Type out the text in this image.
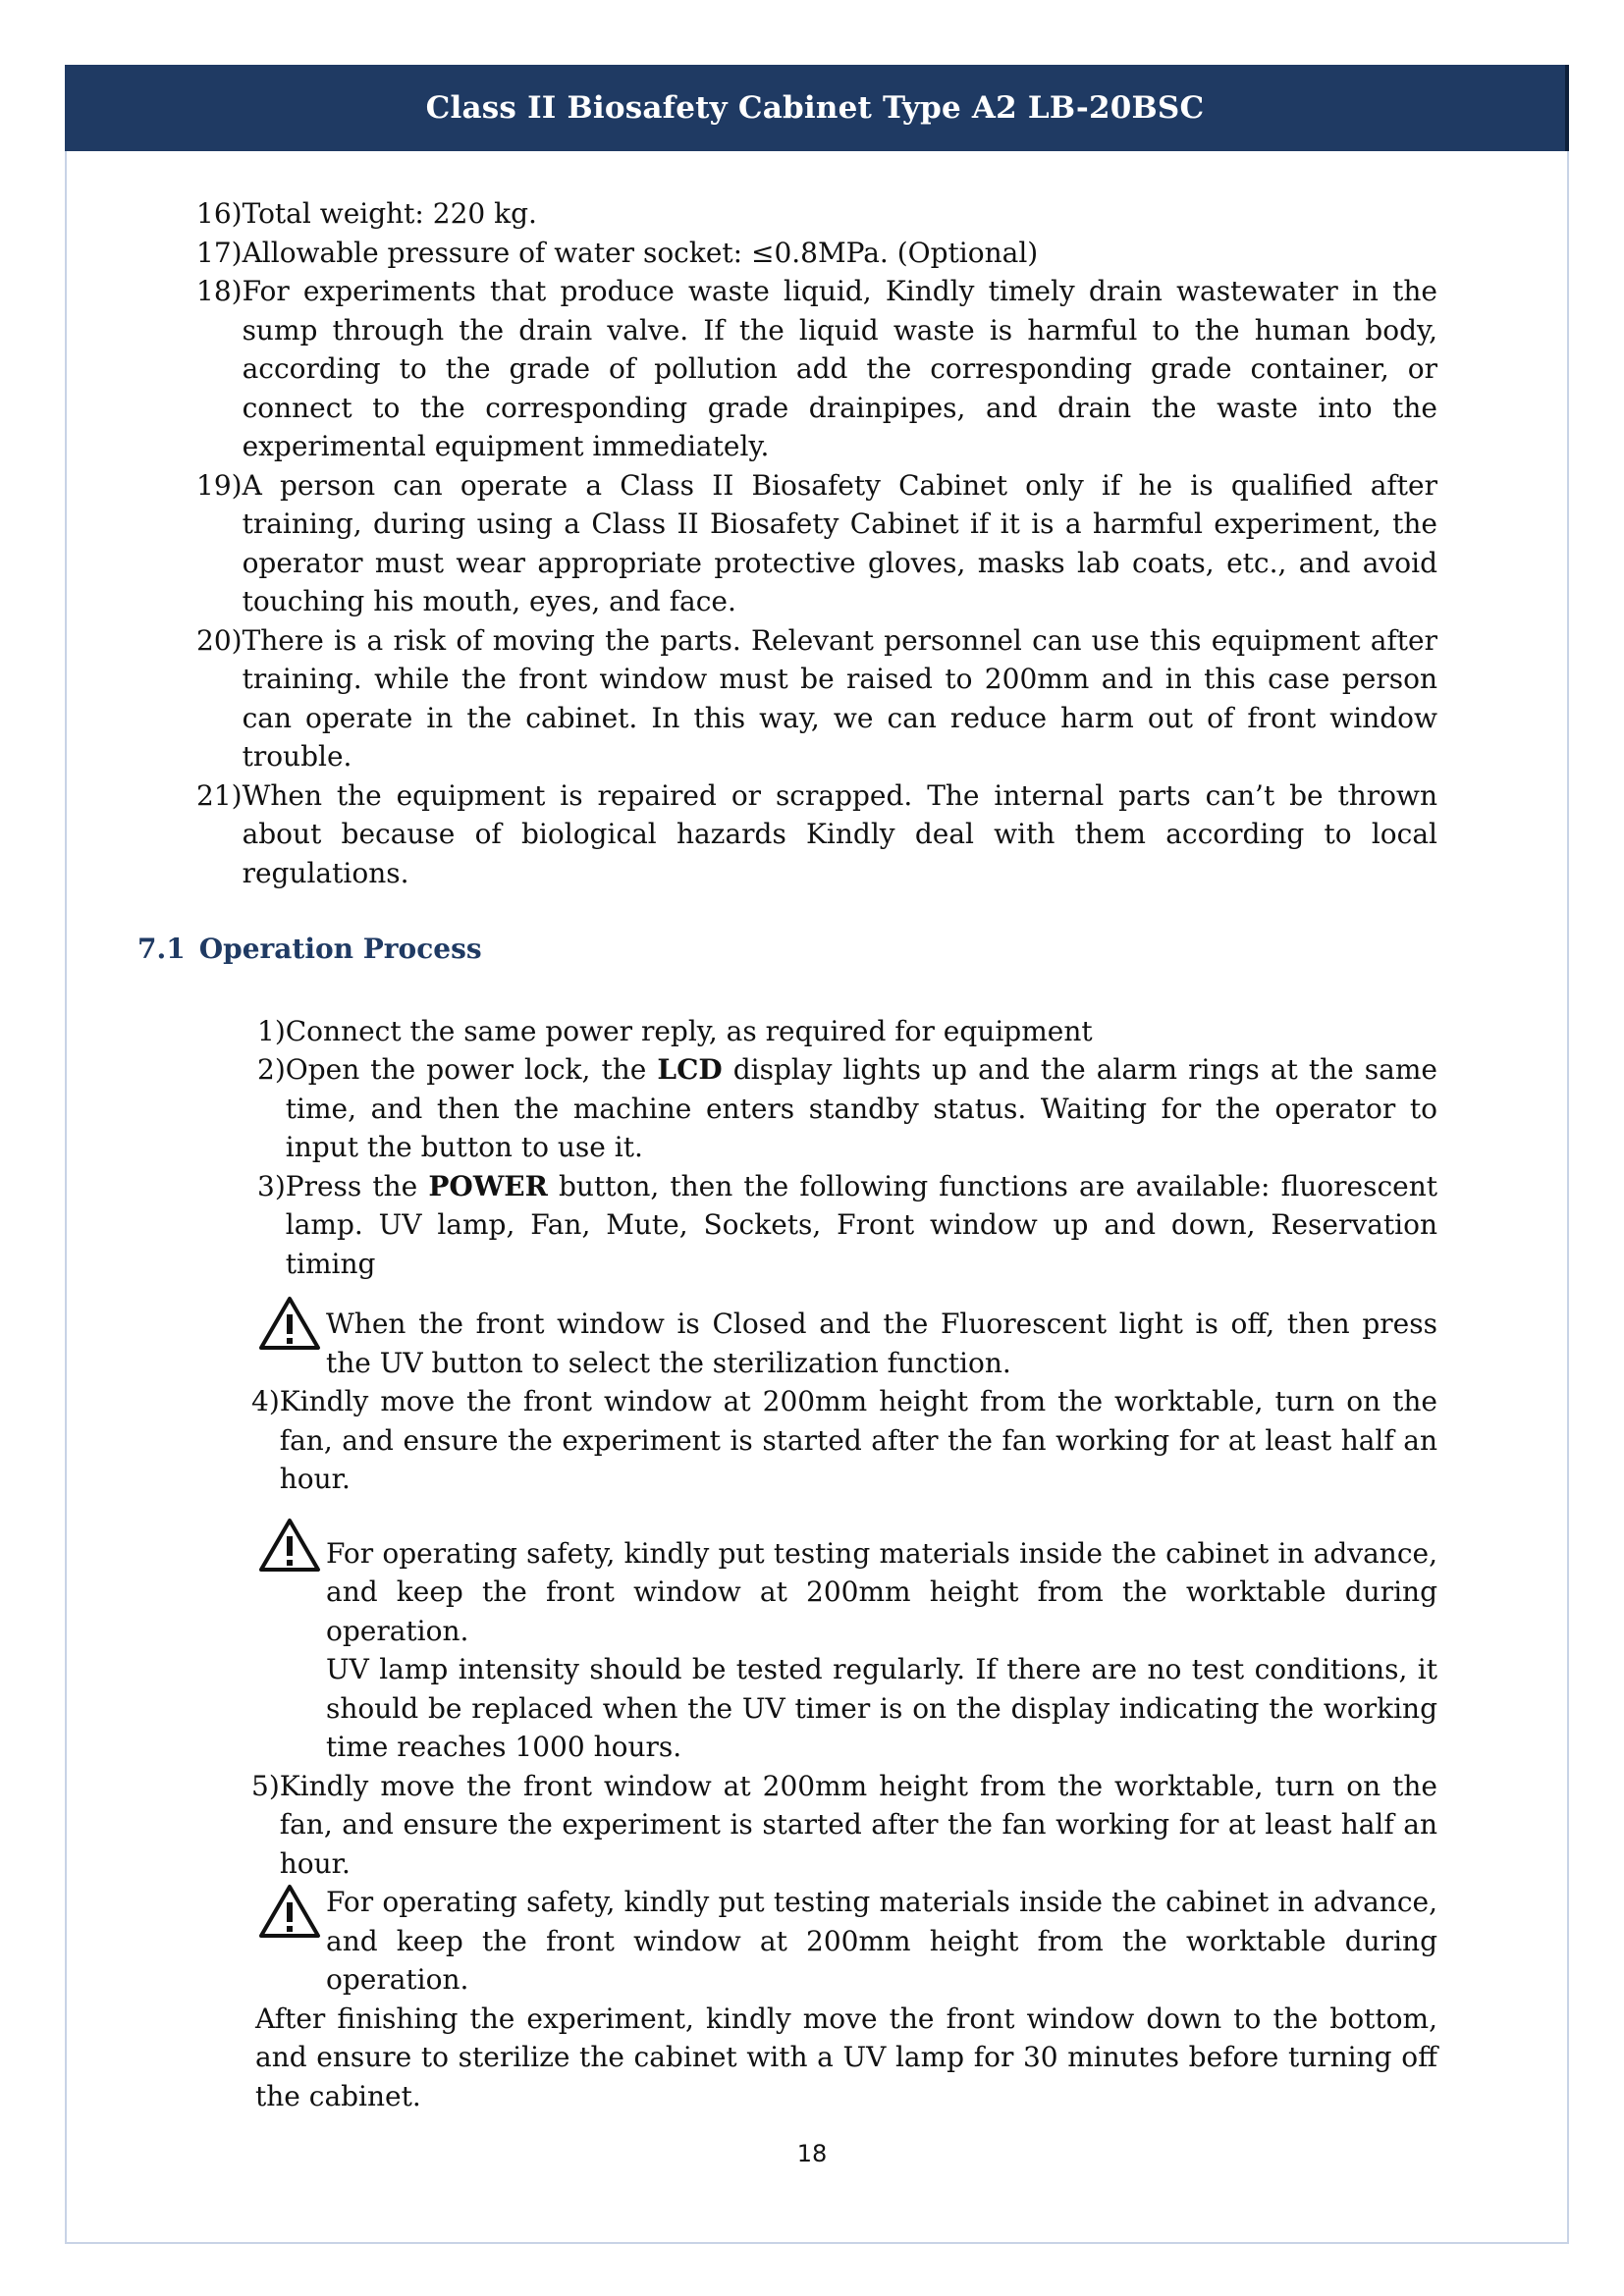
Class II Biosafety Cabinet Type A2 LB-20BSC
16) Total weight: 220 kg.
17) Allowable pressure of water socket: ≤0.8MPa. (Optional)
18) For experiments that produce waste liquid, Kindly timely drain wastewater in the sump through the drain valve. If the liquid waste is harmful to the human body, according to the grade of pollution add the corresponding grade container, or connect to the corresponding grade drainpipes, and drain the waste into the experimental equipment immediately.
19) A person can operate a Class II Biosafety Cabinet only if he is qualified after training, during using a Class II Biosafety Cabinet if it is a harmful experiment, the operator must wear appropriate protective gloves, masks lab coats, etc., and avoid touching his mouth, eyes, and face.
20) There is a risk of moving the parts. Relevant personnel can use this equipment after training. while the front window must be raised to 200mm and in this case person can operate in the cabinet. In this way, we can reduce harm out of front window trouble.
21) When the equipment is repaired or scrapped. The internal parts can’t be thrown about because of biological hazards Kindly deal with them according to local regulations.
7.1 Operation Process
1) Connect the same power reply, as required for equipment
2) Open the power lock, the LCD display lights up and the alarm rings at the same time, and then the machine enters standby status. Waiting for the operator to input the button to use it.
3) Press the POWER button, then the following functions are available: fluorescent lamp. UV lamp, Fan, Mute, Sockets, Front window up and down, Reservation timing
When the front window is Closed and the Fluorescent light is off, then press the UV button to select the sterilization function.
4) Kindly move the front window at 200mm height from the worktable, turn on the fan, and ensure the experiment is started after the fan working for at least half an hour.
For operating safety, kindly put testing materials inside the cabinet in advance, and keep the front window at 200mm height from the worktable during operation.
UV lamp intensity should be tested regularly. If there are no test conditions, it should be replaced when the UV timer is on the display indicating the working time reaches 1000 hours.
5) Kindly move the front window at 200mm height from the worktable, turn on the fan, and ensure the experiment is started after the fan working for at least half an hour.
For operating safety, kindly put testing materials inside the cabinet in advance, and keep the front window at 200mm height from the worktable during operation.
After finishing the experiment, kindly move the front window down to the bottom, and ensure to sterilize the cabinet with a UV lamp for 30 minutes before turning off the cabinet.
18
